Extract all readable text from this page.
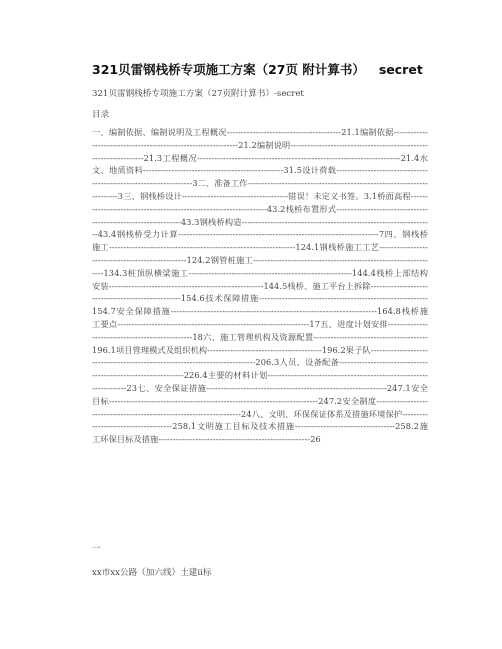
321贝雷钢栈桥专项施工方案（27页 附计算书） secret
321贝雷钢栈桥专项施工方案（27页附计算书）-secret
目录
一、编制依据、编制说明及工程概况----------------------------------------21.1编制依据---------------------------------------------------------------21.2编制说明------------------------------------------------------------------21.3工程概况-----------------------------------------------------------------------21.4水文、地质资料-------------------------------------------------31.5设计荷载-------------------------------------------------------------------3二、准备工作------------------------------------------------------------------------3三、钢栈桥设计-------------------------------------错误！未定义书签。3.1桥面高程-------------------------------------------------------------------43.2栈桥布置形式---------------------------------------------------------------43.3钢栈桥构造-------------------------------------------------------------------43.4钢栈桥受力计算----------------------------------------------------------------------7四、钢栈桥施工-----------------------------------------------------------------124.1钢栈桥施工工艺--------------------------------------------------124.2钢管桩施工-----------------------------------------------------------------134.3桩顶纵横梁施工---------------------------------------------------------144.4栈桥上部结构安装------------------------------------------------------144.5栈桥、施工平台上拆除---------------------------------------------------154.6技术保障措施-----------------------------------------------------------154.7安全保障措施------------------------------------------------------------------------164.8栈桥施工要点-------------------------------------------------------------------17五、进度计划安排-------------------------------------------------18六、施工管理机构及资源配置----------------------------------------196.1项目管理模式及组织机构----------------------------------------196.2果子队-----------------------------------------------------------------------------206.3人员、设备配备---------------------------------------------------------------226.4主要的材料计划--------------------------------------------------------------------23七、安全保证措施---------------------------------------------------------------247.1安全目标-------------------------------------------------------------------------247.2安全制度----------------------------------------------------------------------24八、文明、环保保证体系及措施环境保护-------------------------------------258.1文明施工目标及技术措施-----------------------------------258.2施工环保目标及措施-----------------------------------------------------26
一
xx市xx公路（加六线）土建ii标
